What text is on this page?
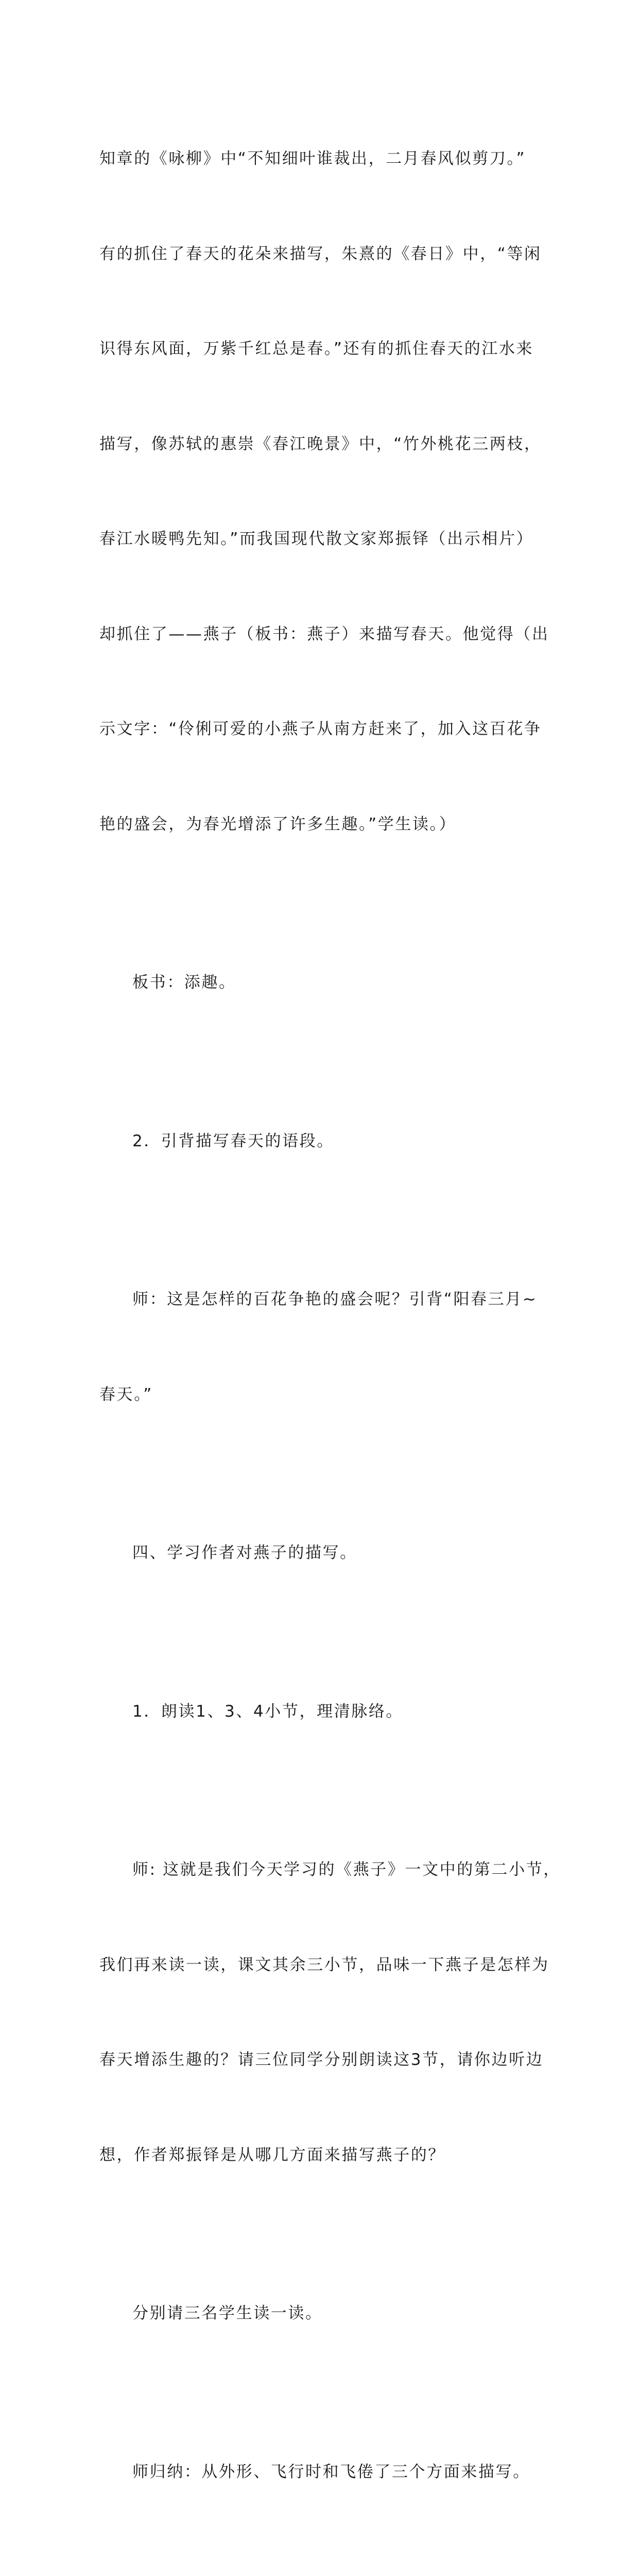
知章的《咏柳》中“不知细叶谁裁出，二月春风似剪刀。”

有的抓住了春天的花朵来描写，朱熹的《春日》中，“等闲

识得东风面，万紫千红总是春。”还有的抓住春天的江水来

描写，像苏轼的惠崇《春江晚景》中，“竹外桃花三两枝，

春江水暖鸭先知。”而我国现代散文家郑振铎（出示相片）

却抓住了——燕子（板书：燕子）来描写春天。他觉得（出

示文字：“伶俐可爱的小燕子从南方赶来了，加入这百花争

艳的盛会，为春光增添了许多生趣。”学生读。）

板书：添趣。

2．引背描写春天的语段。

师：这是怎样的百花争艳的盛会呢？引背“阳春三月~

春天。”

四、学习作者对燕子的描写。

1．朗读1、3、4小节，理清脉络。

师: 这就是我们今天学习的《燕子》一文中的第二小节，

我们再来读一读，课文其余三小节，品味一下燕子是怎样为

春天增添生趣的？请三位同学分别朗读这3节，请你边听边

想，作者郑振铎是从哪几方面来描写燕子的？

分别请三名学生读一读。

师归纳：从外形、飞行时和飞倦了三个方面来描写。
